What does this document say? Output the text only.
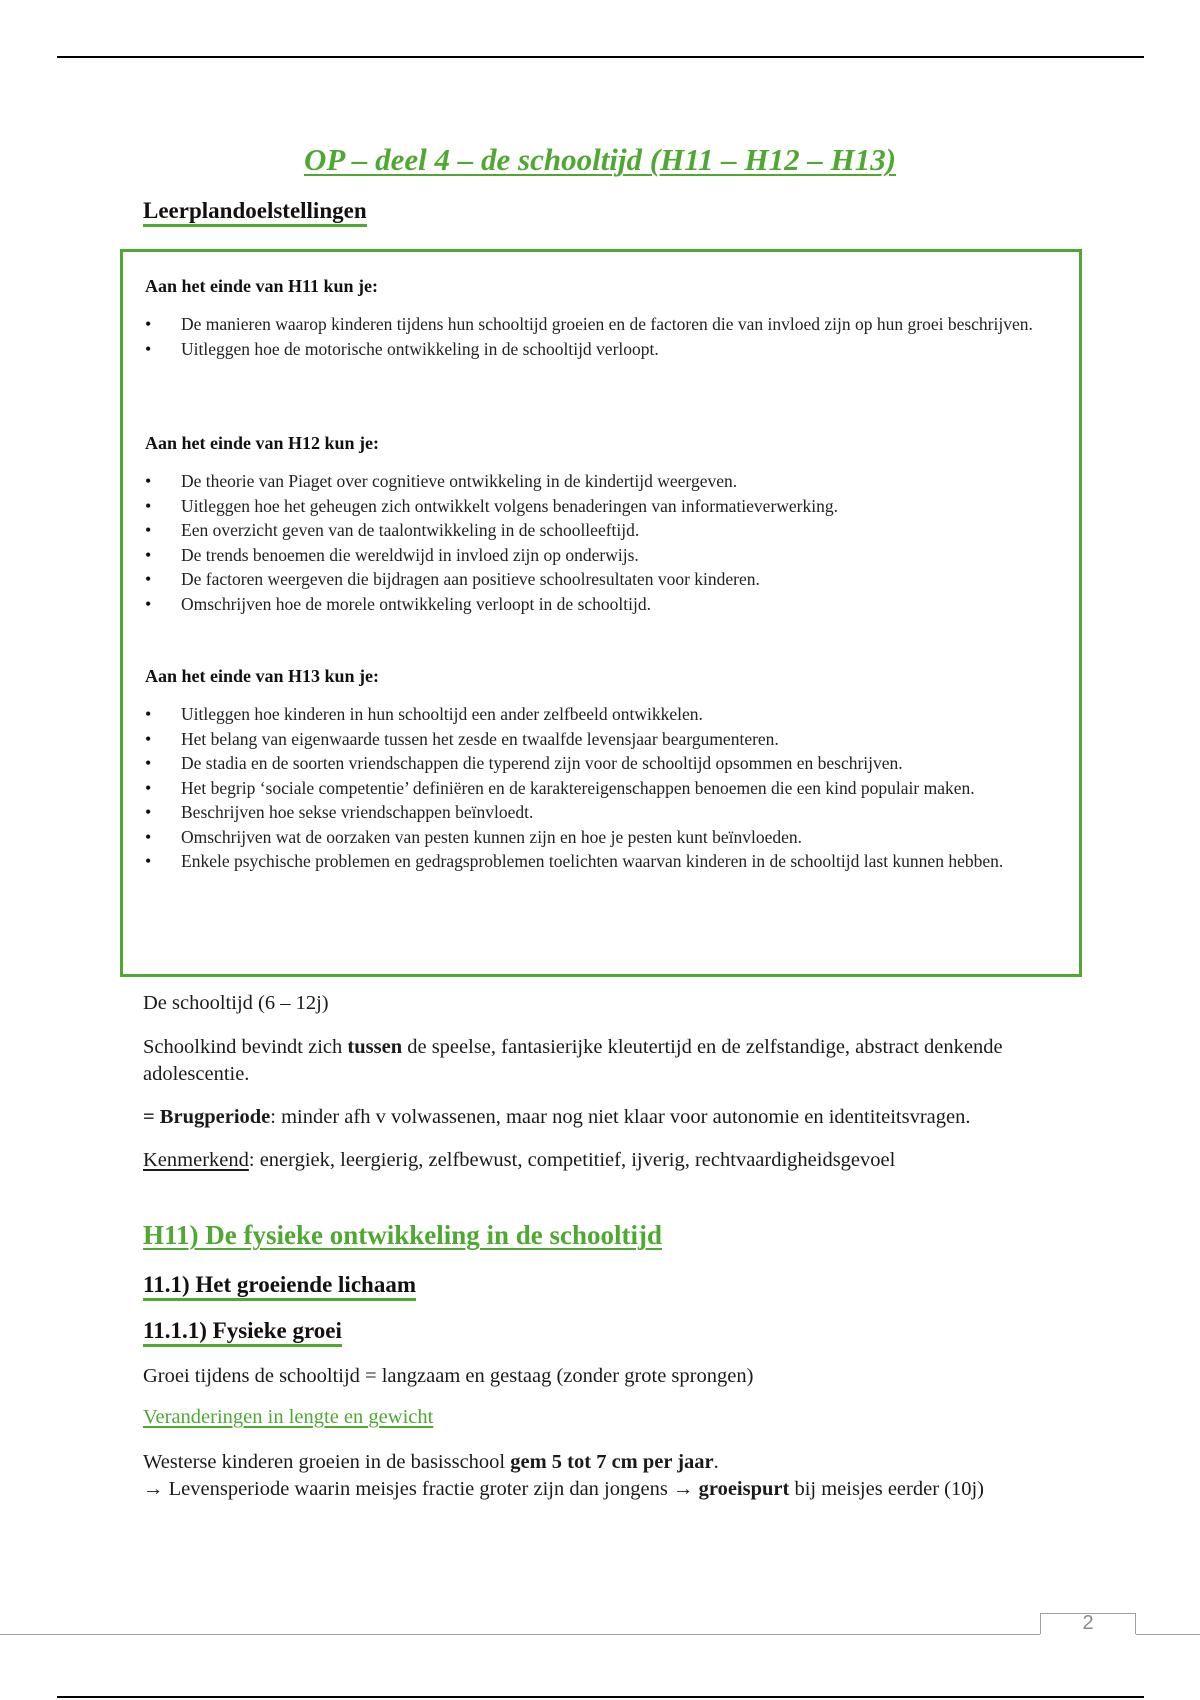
OP – deel 4 – de schooltijd (H11 – H12 – H13)
Leerplandoelstellingen
Aan het einde van H11 kun je:
• De manieren waarop kinderen tijdens hun schooltijd groeien en de factoren die van invloed zijn op hun groei beschrijven.
• Uitleggen hoe de motorische ontwikkeling in de schooltijd verloopt.
Aan het einde van H12 kun je:
• De theorie van Piaget over cognitieve ontwikkeling in de kindertijd weergeven.
• Uitleggen hoe het geheugen zich ontwikkelt volgens benaderingen van informatieverwerking.
• Een overzicht geven van de taalontwikkeling in de schoolleeftijd.
• De trends benoemen die wereldwijd in invloed zijn op onderwijs.
• De factoren weergeven die bijdragen aan positieve schoolresultaten voor kinderen.
• Omschrijven hoe de morele ontwikkeling verloopt in de schooltijd.
Aan het einde van H13 kun je:
• Uitleggen hoe kinderen in hun schooltijd een ander zelfbeeld ontwikkelen.
• Het belang van eigenwaarde tussen het zesde en twaalfde levensjaar beargumenteren.
• De stadia en de soorten vriendschappen die typerend zijn voor de schooltijd opsommen en beschrijven.
• Het begrip ‘sociale competentie’ definiëren en de karaktereigenschappen benoemen die een kind populair maken.
• Beschrijven hoe sekse vriendschappen beïnvloedt.
• Omschrijven wat de oorzaken van pesten kunnen zijn en hoe je pesten kunt beïnvloeden.
• Enkele psychische problemen en gedragsproblemen toelichten waarvan kinderen in de schooltijd last kunnen hebben.

De schooltijd (6 – 12j)

Schoolkind bevindt zich tussen de speelse, fantasierijke kleutertijd en de zelfstandige, abstract denkende adolescentie.

= Brugperiode: minder afh v volwassenen, maar nog niet klaar voor autonomie en identiteitsvragen.

Kenmerkend: energiek, leergierig, zelfbewust, competitief, ijverig, rechtvaardigheidsgevoel

H11) De fysieke ontwikkeling in de schooltijd
11.1) Het groeiende lichaam
11.1.1) Fysieke groei

Groei tijdens de schooltijd = langzaam en gestaag (zonder grote sprongen)

Veranderingen in lengte en gewicht

Westerse kinderen groeien in de basisschool gem 5 tot 7 cm per jaar.
→ Levensperiode waarin meisjes fractie groter zijn dan jongens → groeispurt bij meisjes eerder (10j)

2
